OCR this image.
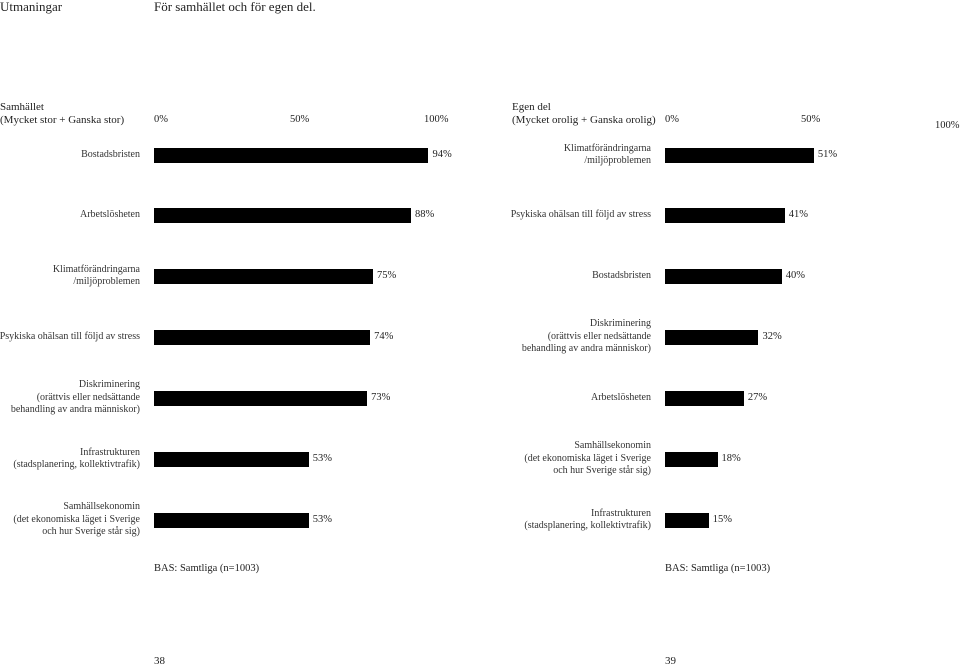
Utmaningar	För samhället och för egen del.
Samhället
(Mycket stor + Ganska stor)	0%	50%	100%
Bostadsbristen	94%
Arbetslösheten	88%
Klimatförändringarna
/miljöproblemen
75%
Psykiska ohälsan till följd av stress	74%
Diskriminering
(orättvis eller nedsättande
behandling av andra människor)
73%
Infrastrukturen
(stadsplanering, kollektivtrafik)
53%
Samhällsekonomin
(det ekonomiska läget i Sverige
och hur Sverige står sig)
53%
BAS: Samtliga (n=1003)
38
Egen del
(Mycket orolig + Ganska orolig) 0%	50%
100%
Klimatförändringarna
/miljöproblemen
51%
Psykiska ohälsan till följd av stress	41%
Bostadsbristen	40%
Diskriminering
(orättvis eller nedsättande
behandling av andra människor)
32%
Arbetslösheten	27%
Samhällsekonomin
(det ekonomiska läget i Sverige
och hur Sverige står sig)
18%
Infrastrukturen
(stadsplanering, kollektivtrafik)
15%
BAS: Samtliga (n=1003)
39
